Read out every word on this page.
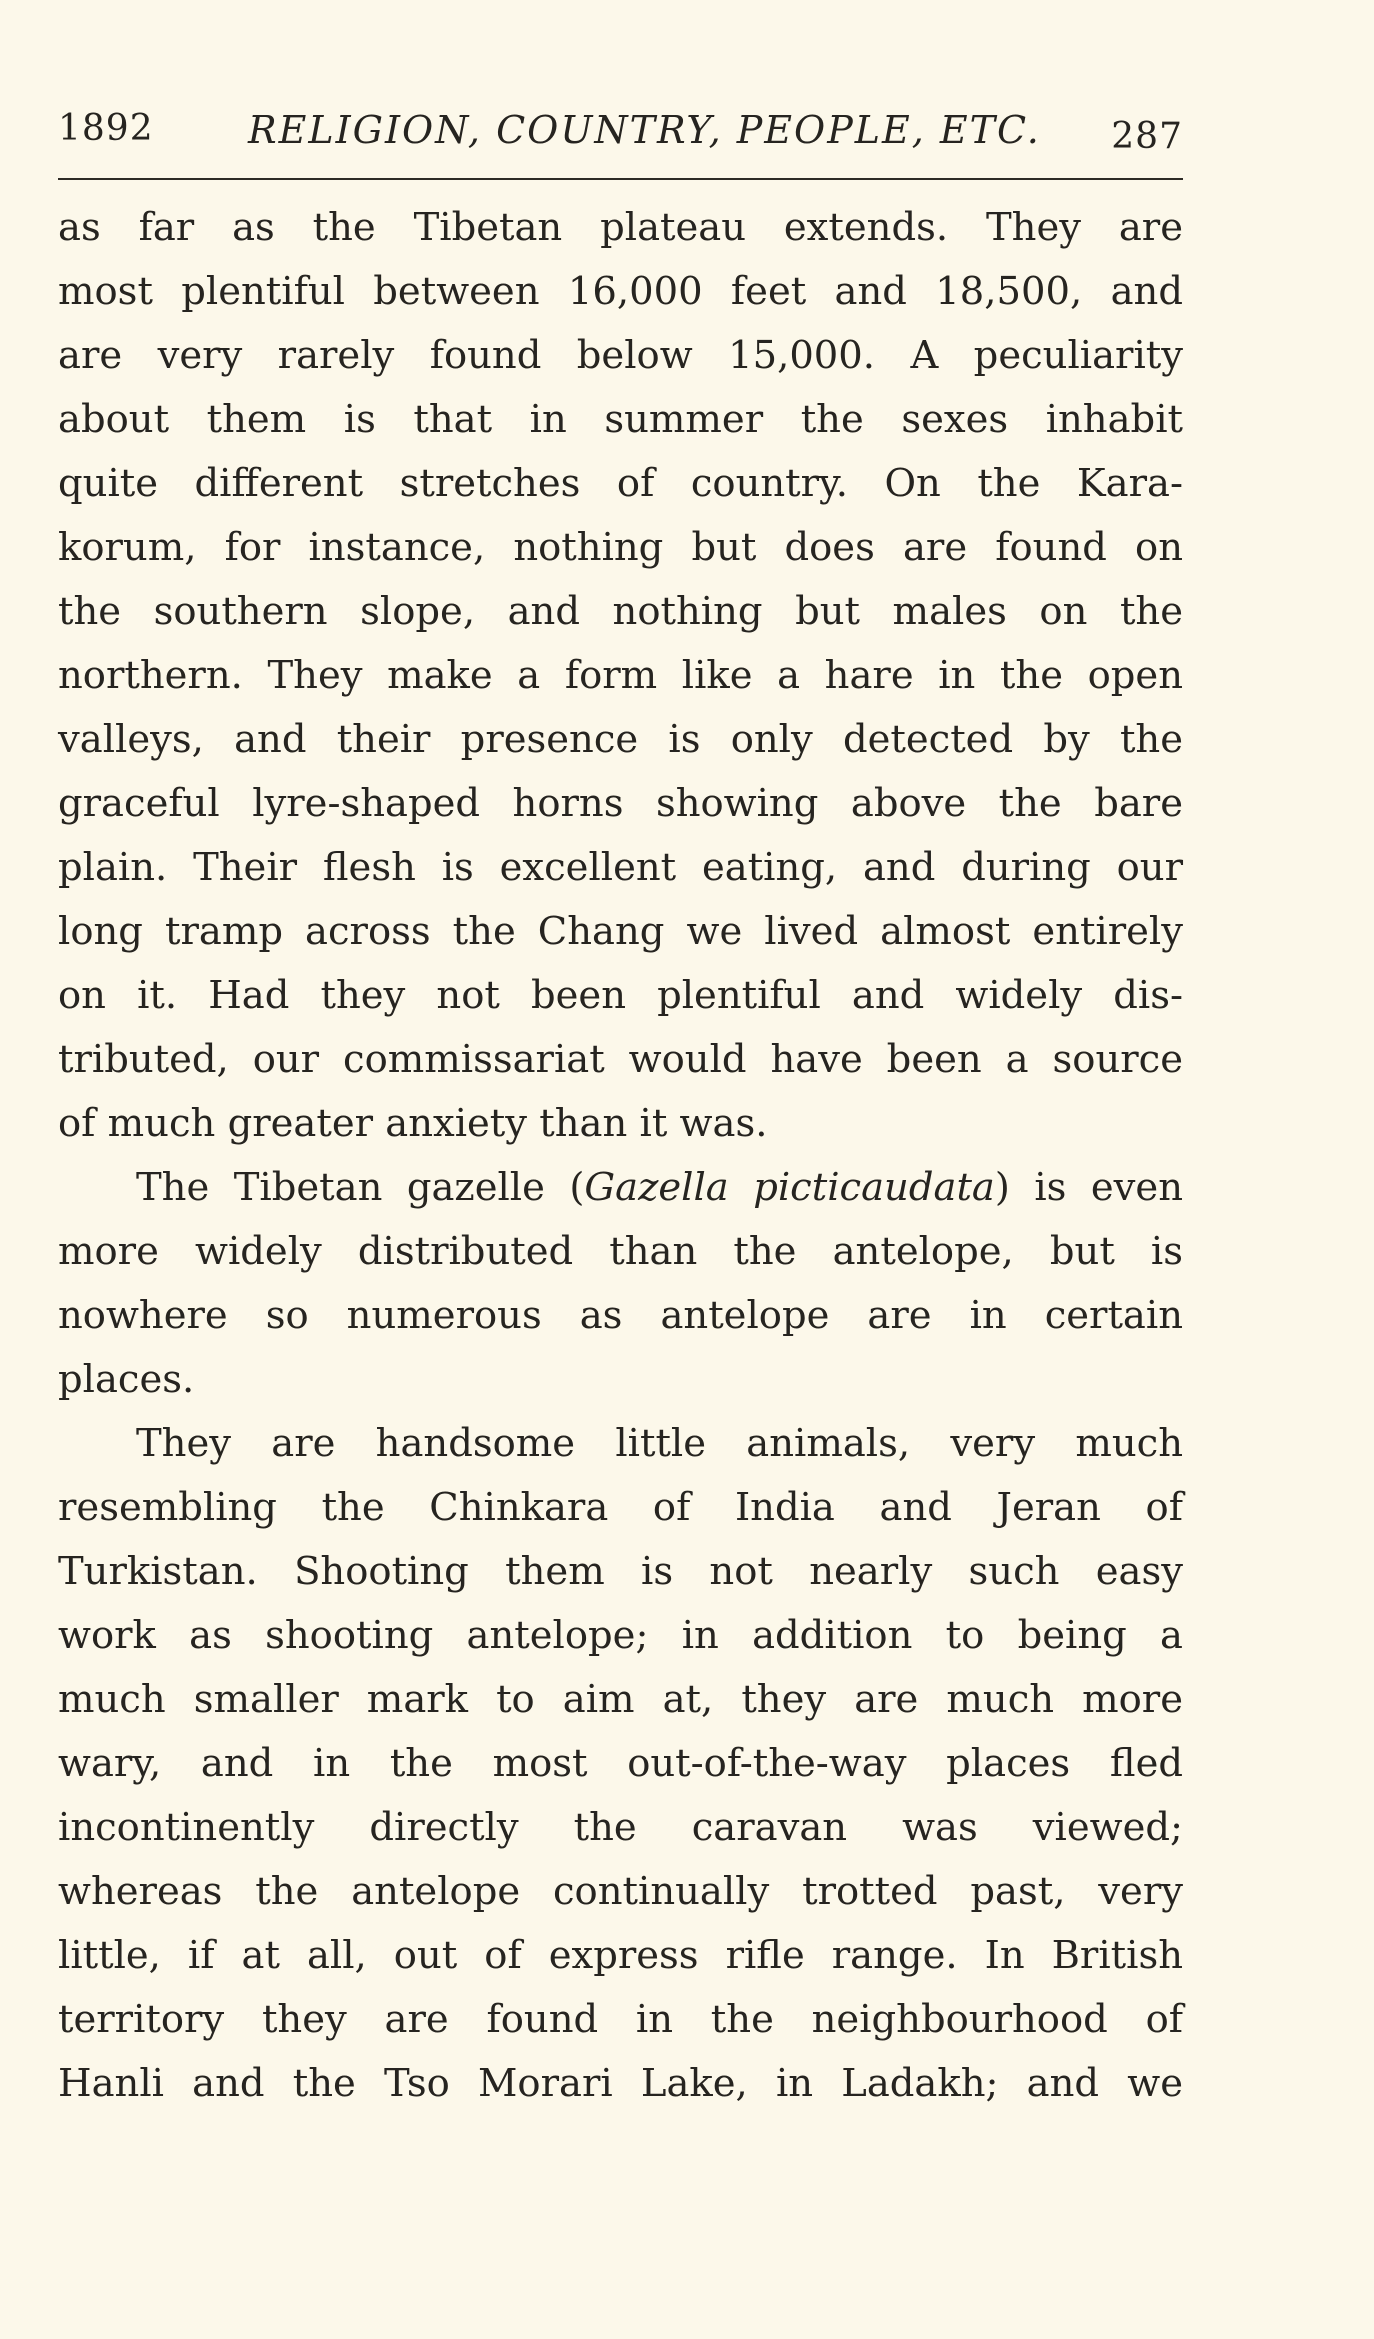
1892 RELIGION, COUNTRY, PEOPLE, ETC. 287
as far as the Tibetan plateau extends. They are
most plentiful between 16,000 feet and 18,500, and
are very rarely found below 15,000. A peculiarity
about them is that in summer the sexes inhabit
quite different stretches of country. On the Kara-
korum, for instance, nothing but does are found on
the southern slope, and nothing but males on the
northern. They make a form like a hare in the open
valleys, and their presence is only detected by the
graceful lyre-shaped horns showing above the bare
plain. Their flesh is excellent eating, and during our
long tramp across the Chang we lived almost entirely
on it. Had they not been plentiful and widely dis-
tributed, our commissariat would have been a source
of much greater anxiety than it was.
The Tibetan gazelle (Gazella picticaudata) is even
more widely distributed than the antelope, but is
nowhere so numerous as antelope are in certain
places.
They are handsome little animals, very much
resembling the Chinkara of India and Jeran of
Turkistan. Shooting them is not nearly such easy
work as shooting antelope; in addition to being a
much smaller mark to aim at, they are much more
wary, and in the most out-of-the-way places fled
incontinently directly the caravan was viewed;
whereas the antelope continually trotted past, very
little, if at all, out of express rifle range. In British
territory they are found in the neighbourhood of
Hanli and the Tso Morari Lake, in Ladakh; and we
